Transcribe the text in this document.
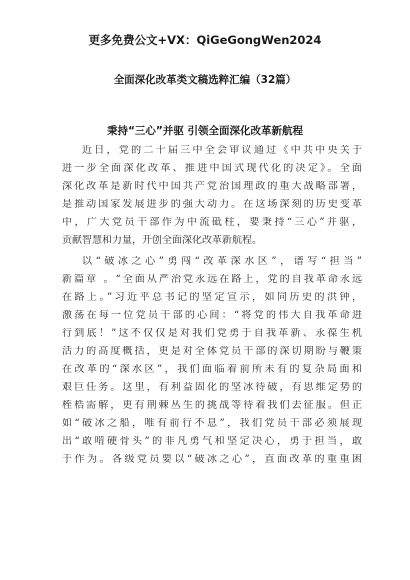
更多免费公文+VX：QiGeGongWen2024
全面深化改革类文稿选粹汇编（32篇）
秉持“三心”并驱 引领全面深化改革新航程
近日，党的二十届三中全会审议通过《中共中央关于
进一步全面深化改革、推进中国式现代化的决定》。全面
深化改革是新时代中国共产党治国理政的重大战略部署，
是推动国家发展进步的强大动力。在这场深刻的历史变革
中，广大党员干部作为中流砥柱，要秉持“三心”并驱，
贡献智慧和力量，开创全面深化改革新航程。
以“破冰之心”勇闯“改革深水区”，谱写“担当”
新篇章 。“全面从严治党永远在路上，党的自我革命永远
在路上。”习近平总书记的坚定宣示，如同历史的洪钟，
激荡在每一位党员干部的心间：“将党的伟大自我革命进
行到底！”这不仅仅是对我们党勇于自我革新、永葆生机
活力的高度概括，更是对全体党员干部的深切期盼与鞭策
在改革的“深水区”，我们面临着前所未有的复杂局面和
艰巨任务。这里，有利益固化的坚冰待破，有思维定势的
桎梏需解，更有荆棘丛生的挑战等待着我们去征服。但正
如“破冰之船，唯有前行不息”，我们党员干部必须展现
出“敢啃硬骨头”的非凡勇气和坚定决心，勇于担当，敢
于作为。各级党员要以“破冰之心”，直面改革的重重困
